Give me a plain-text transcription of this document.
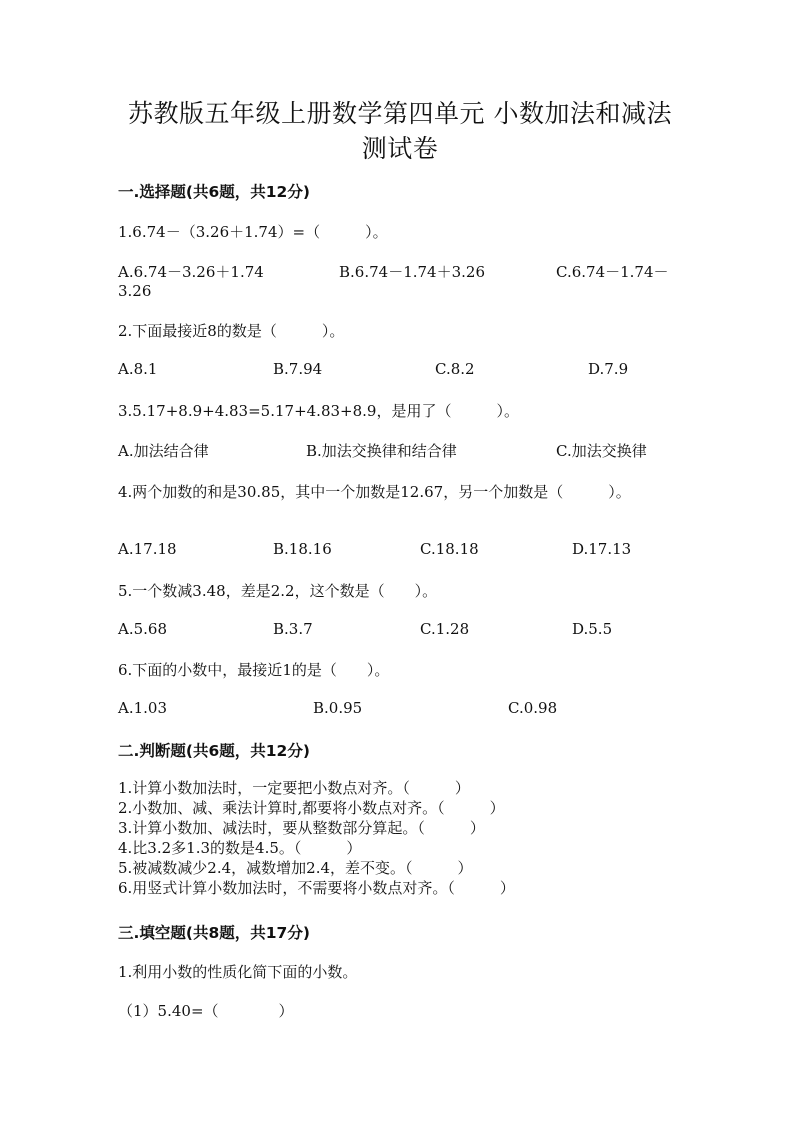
苏教版五年级上册数学第四单元 小数加法和减法
测试卷
一.选择题(共6题，共12分)
1.6.74－（3.26＋1.74）=（　　　）。
A.6.74－3.26＋1.74	B.6.74－1.74＋3.26	C.6.74－1.74－
3.26
2.下面最接近8的数是（　　　）。
A.8.1	B.7.94	C.8.2	D.7.9
3.5.17+8.9+4.83=5.17+4.83+8.9，是用了（　　　）。
A.加法结合律	B.加法交换律和结合律	C.加法交换律
4.两个加数的和是30.85，其中一个加数是12.67，另一个加数是（　　　）。
A.17.18	B.18.16	C.18.18	D.17.13
5.一个数减3.48，差是2.2，这个数是（　　）。
A.5.68	B.3.7	C.1.28	D.5.5
6.下面的小数中，最接近1的是（　　）。
A.1.03	B.0.95	C.0.98
二.判断题(共6题，共12分)
1.计算小数加法时，一定要把小数点对齐。（　　　）
2.小数加、减、乘法计算时,都要将小数点对齐。（　　　）
3.计算小数加、减法时，要从整数部分算起。（　　　）
4.比3.2多1.3的数是4.5。（　　　）
5.被减数减少2.4，减数增加2.4，差不变。（　　　）
6.用竖式计算小数加法时，不需要将小数点对齐。（　　　）
三.填空题(共8题，共17分)
1.利用小数的性质化简下面的小数。
（1）5.40=（　　　　）
